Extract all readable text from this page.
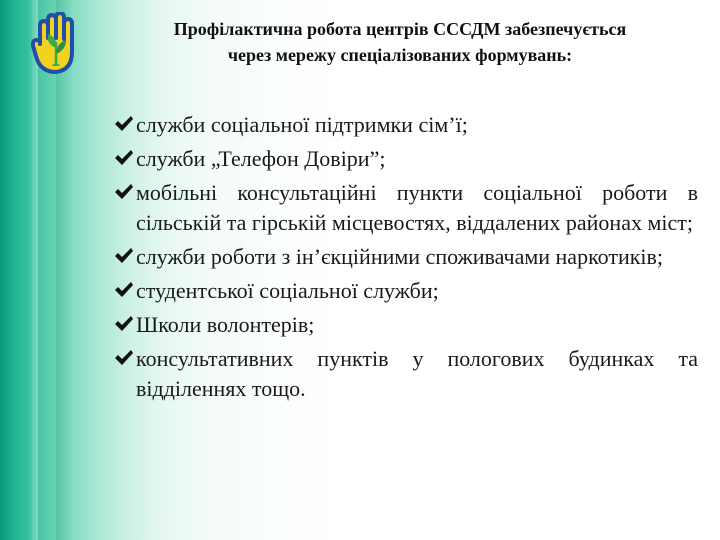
Профілактична робота центрів СССДМ забезпечується
через мережу спеціалізованих формувань:
служби соціальної підтримки сім’ї;
служби „Телефон Довіри”;
мобільні консультаційні пункти соціальної роботи в сільській та гірській місцевостях, віддалених районах міст;
служби роботи з ін’єкційними споживачами наркотиків;
студентської соціальної служби;
Школи волонтерів;
консультативних пунктів у пологових будинках та відділеннях тощо.
